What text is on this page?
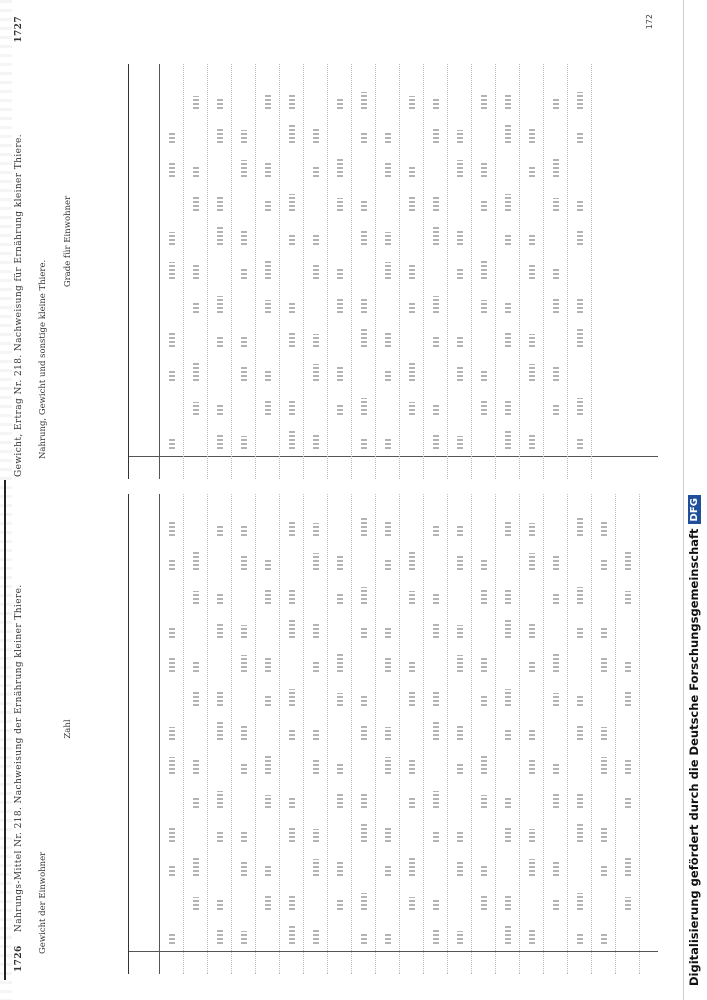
1726 Nahrungs-Mittel Nr. 218. Nachweisung der Ernährung kleiner Thiere.	Gewicht der Einwohner
Zahl
Gewicht, Ertrag Nr. 218. Nachweisung für Ernährung kleiner Thiere.
1727
Nahrung, Gewicht und sonstige kleine Thiere.
Grade für Einwohner
172
Digitalisierung gefördert durch die Deutsche Forschungsgemeinschaft
DFG
